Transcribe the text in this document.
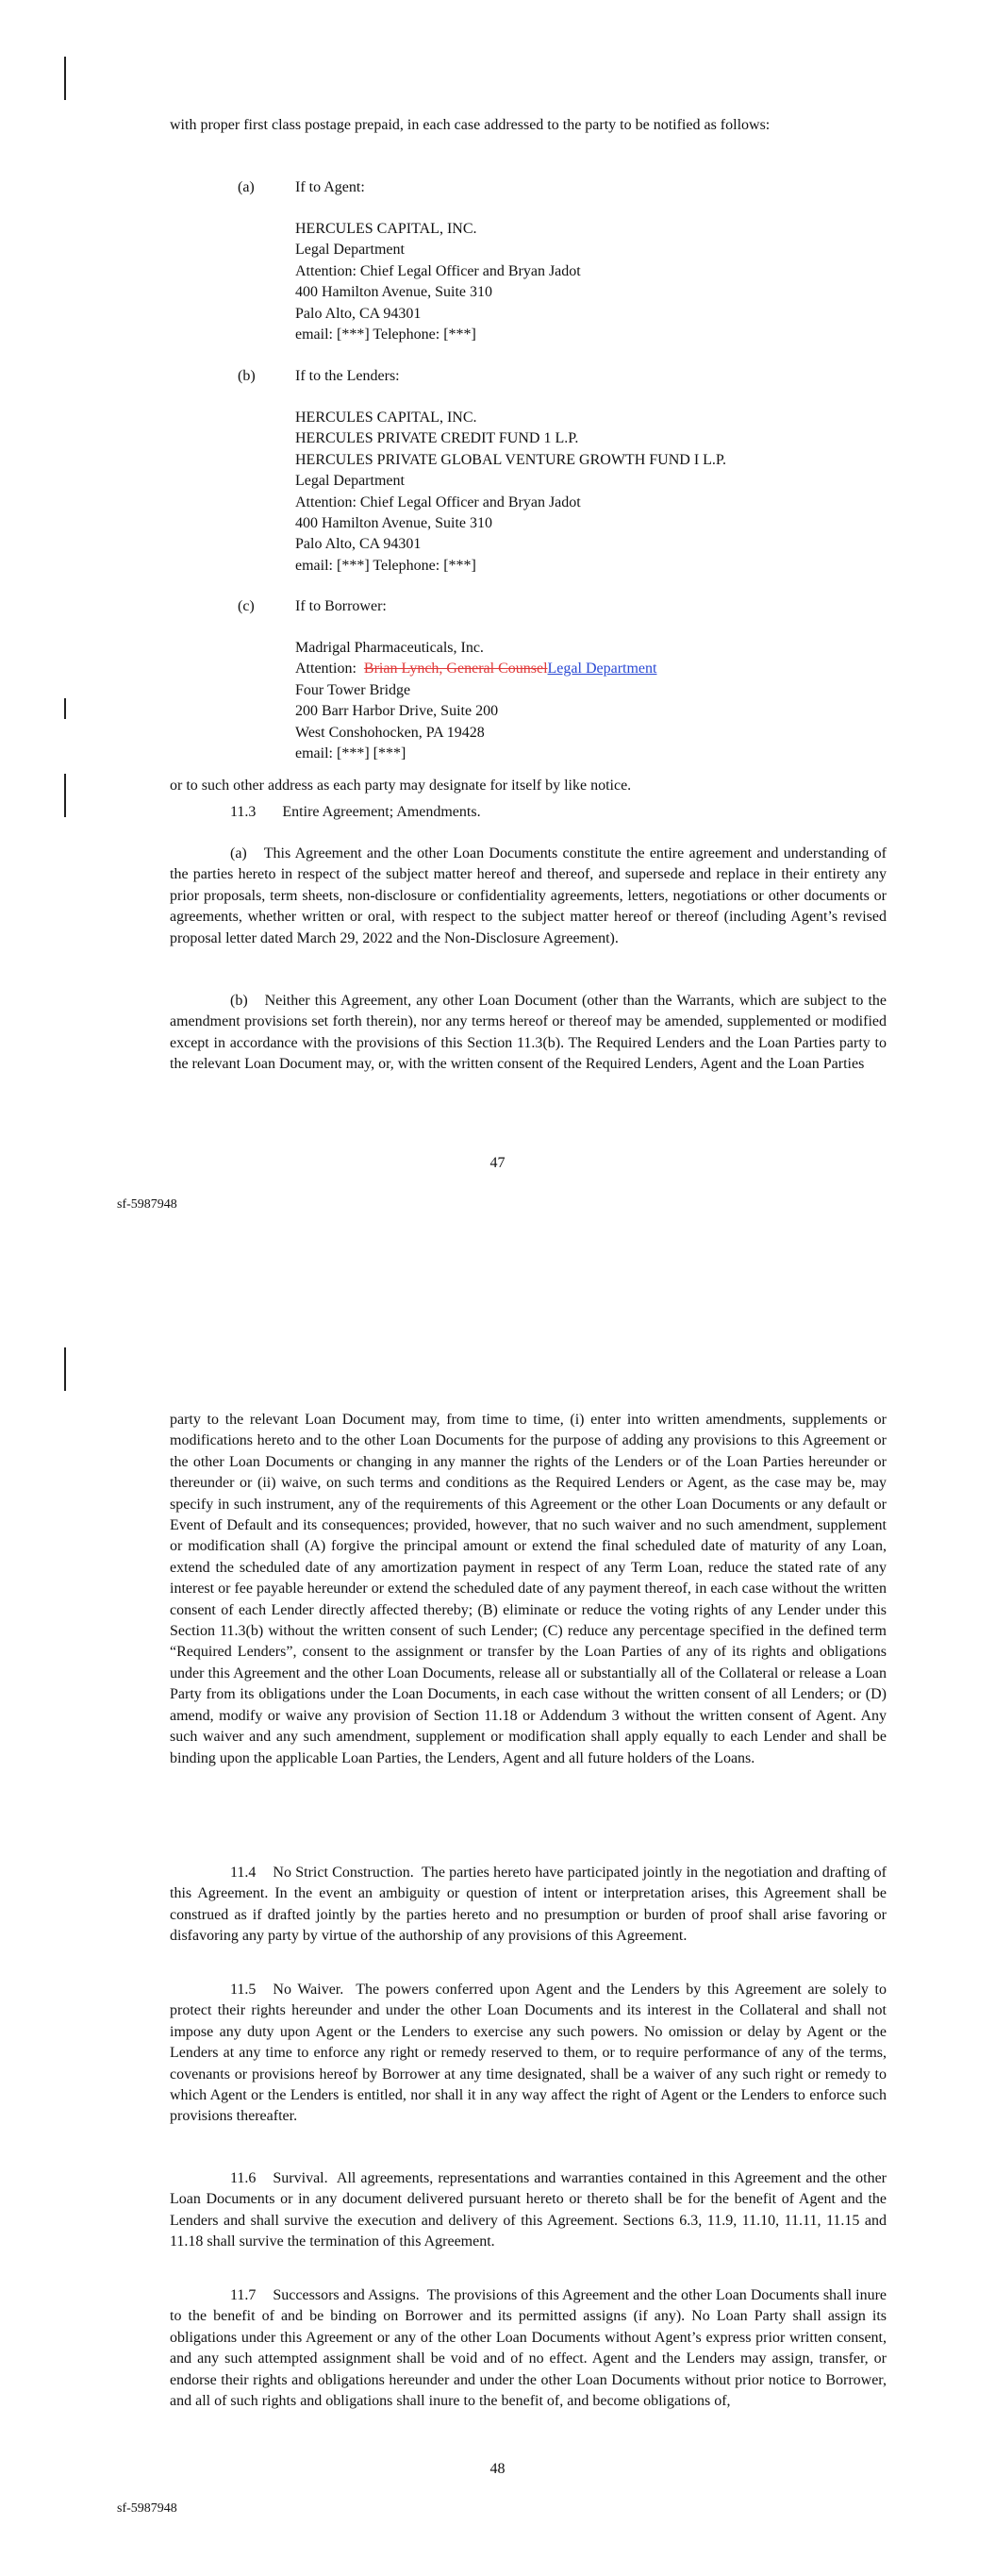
with proper first class postage prepaid, in each case addressed to the party to be notified as follows:

(a)	If to Agent:
HERCULES CAPITAL, INC.
Legal Department
Attention: Chief Legal Officer and Bryan Jadot
400 Hamilton Avenue, Suite 310
Palo Alto, CA 94301
email: [***] Telephone: [***]
(b)	If to the Lenders:
HERCULES CAPITAL, INC.
HERCULES PRIVATE CREDIT FUND 1 L.P.
HERCULES PRIVATE GLOBAL VENTURE GROWTH FUND I L.P.
Legal Department
Attention: Chief Legal Officer and Bryan Jadot
400 Hamilton Avenue, Suite 310
Palo Alto, CA 94301
email: [***] Telephone: [***]
(c)	If to Borrower:
Madrigal Pharmaceuticals, Inc.
Attention: Brian Lynch, General CounselLegal Department
Four Tower Bridge
200 Barr Harbor Drive, Suite 200
West Conshohocken, PA 19428
email: [***] [***]

or to such other address as each party may designate for itself by like notice.

11.3 Entire Agreement; Amendments.

(a) This Agreement and the other Loan Documents constitute the entire agreement and understanding of the parties hereto in respect of the subject matter hereof and thereof, and supersede and replace in their entirety any prior proposals, term sheets, non-disclosure or confidentiality agreements, letters, negotiations or other documents or agreements, whether written or oral, with respect to the subject matter hereof or thereof (including Agent’s revised proposal letter dated March 29, 2022 and the Non-Disclosure Agreement).

(b) Neither this Agreement, any other Loan Document (other than the Warrants, which are subject to the amendment provisions set forth therein), nor any terms hereof or thereof may be amended, supplemented or modified except in accordance with the provisions of this Section 11.3(b). The Required Lenders and the Loan Parties party to the relevant Loan Document may, or, with the written consent of the Required Lenders, Agent and the Loan Parties

47
sf-5987948

party to the relevant Loan Document may, from time to time, (i) enter into written amendments, supplements or modifications hereto and to the other Loan Documents for the purpose of adding any provisions to this Agreement or the other Loan Documents or changing in any manner the rights of the Lenders or of the Loan Parties hereunder or thereunder or (ii) waive, on such terms and conditions as the Required Lenders or Agent, as the case may be, may specify in such instrument, any of the requirements of this Agreement or the other Loan Documents or any default or Event of Default and its consequences; provided, however, that no such waiver and no such amendment, supplement or modification shall (A) forgive the principal amount or extend the final scheduled date of maturity of any Loan, extend the scheduled date of any amortization payment in respect of any Term Loan, reduce the stated rate of any interest or fee payable hereunder or extend the scheduled date of any payment thereof, in each case without the written consent of each Lender directly affected thereby; (B) eliminate or reduce the voting rights of any Lender under this Section 11.3(b) without the written consent of such Lender; (C) reduce any percentage specified in the defined term “Required Lenders”, consent to the assignment or transfer by the Loan Parties of any of its rights and obligations under this Agreement and the other Loan Documents, release all or substantially all of the Collateral or release a Loan Party from its obligations under the Loan Documents, in each case without the written consent of all Lenders; or (D) amend, modify or waive any provision of Section 11.18 or Addendum 3 without the written consent of Agent. Any such waiver and any such amendment, supplement or modification shall apply equally to each Lender and shall be binding upon the applicable Loan Parties, the Lenders, Agent and all future holders of the Loans.

11.4 No Strict Construction. The parties hereto have participated jointly in the negotiation and drafting of this Agreement. In the event an ambiguity or question of intent or interpretation arises, this Agreement shall be construed as if drafted jointly by the parties hereto and no presumption or burden of proof shall arise favoring or disfavoring any party by virtue of the authorship of any provisions of this Agreement.

11.5 No Waiver. The powers conferred upon Agent and the Lenders by this Agreement are solely to protect their rights hereunder and under the other Loan Documents and its interest in the Collateral and shall not impose any duty upon Agent or the Lenders to exercise any such powers. No omission or delay by Agent or the Lenders at any time to enforce any right or remedy reserved to them, or to require performance of any of the terms, covenants or provisions hereof by Borrower at any time designated, shall be a waiver of any such right or remedy to which Agent or the Lenders is entitled, nor shall it in any way affect the right of Agent or the Lenders to enforce such provisions thereafter.

11.6 Survival. All agreements, representations and warranties contained in this Agreement and the other Loan Documents or in any document delivered pursuant hereto or thereto shall be for the benefit of Agent and the Lenders and shall survive the execution and delivery of this Agreement. Sections 6.3, 11.9, 11.10, 11.11, 11.15 and 11.18 shall survive the termination of this Agreement.

11.7 Successors and Assigns. The provisions of this Agreement and the other Loan Documents shall inure to the benefit of and be binding on Borrower and its permitted assigns (if any). No Loan Party shall assign its obligations under this Agreement or any of the other Loan Documents without Agent’s express prior written consent, and any such attempted assignment shall be void and of no effect. Agent and the Lenders may assign, transfer, or endorse their rights and obligations hereunder and under the other Loan Documents without prior notice to Borrower, and all of such rights and obligations shall inure to the benefit of, and become obligations of,

48
sf-5987948
